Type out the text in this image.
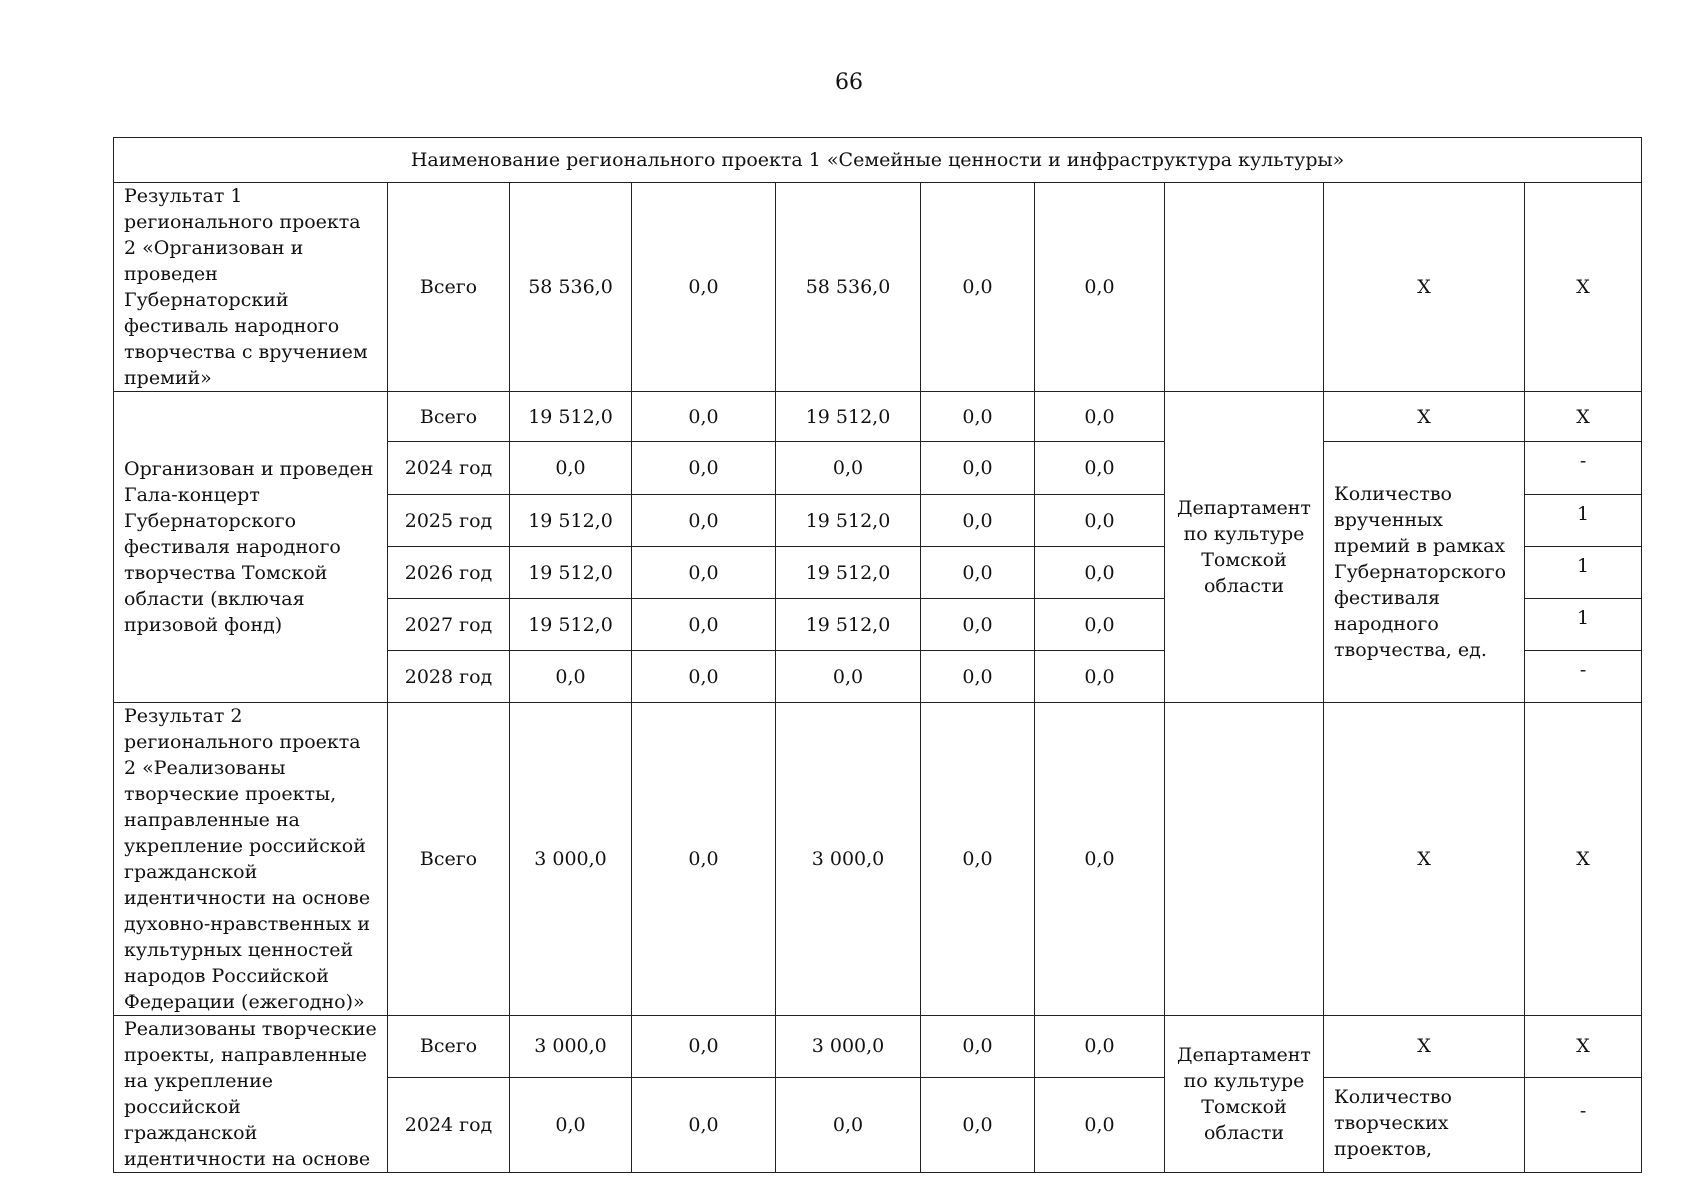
66
Наименование регионального проекта 1 «Семейные ценности и инфраструктура культуры»									
Результат 1 регионального проекта 2 «Организован и проведен Губернаторский фестиваль народного творчества с вручением премий»	Всего	58 536,0	0,0	58 536,0	0,0	0,0		X	X
Организован и проведен Гала-концерт Губернаторского фестиваля народного творчества Томской области (включая призовой фонд)	Всего	19 512,0	0,0	19 512,0	0,0	0,0	Департамент по культуре Томской области	X	X
	2024 год	0,0	0,0	0,0	0,0	0,0		Количество врученных премий в рамках Губернаторского фестиваля народного творчества, ед.	-
	2025 год	19 512,0	0,0	19 512,0	0,0	0,0			1
	2026 год	19 512,0	0,0	19 512,0	0,0	0,0			1
	2027 год	19 512,0	0,0	19 512,0	0,0	0,0			1
	2028 год	0,0	0,0	0,0	0,0	0,0			-
Результат 2 регионального проекта 2 «Реализованы творческие проекты, направленные на укрепление российской гражданской идентичности на основе духовно-нравственных и культурных ценностей народов Российской Федерации (ежегодно)»	Всего	3 000,0	0,0	3 000,0	0,0	0,0		X	X
Реализованы творческие проекты, направленные на укрепление российской гражданской идентичности на основе	Всего	3 000,0	0,0	3 000,0	0,0	0,0	Департамент по культуре Томской области	X	X
	2024 год	0,0	0,0	0,0	0,0	0,0		Количество творческих проектов,	-
